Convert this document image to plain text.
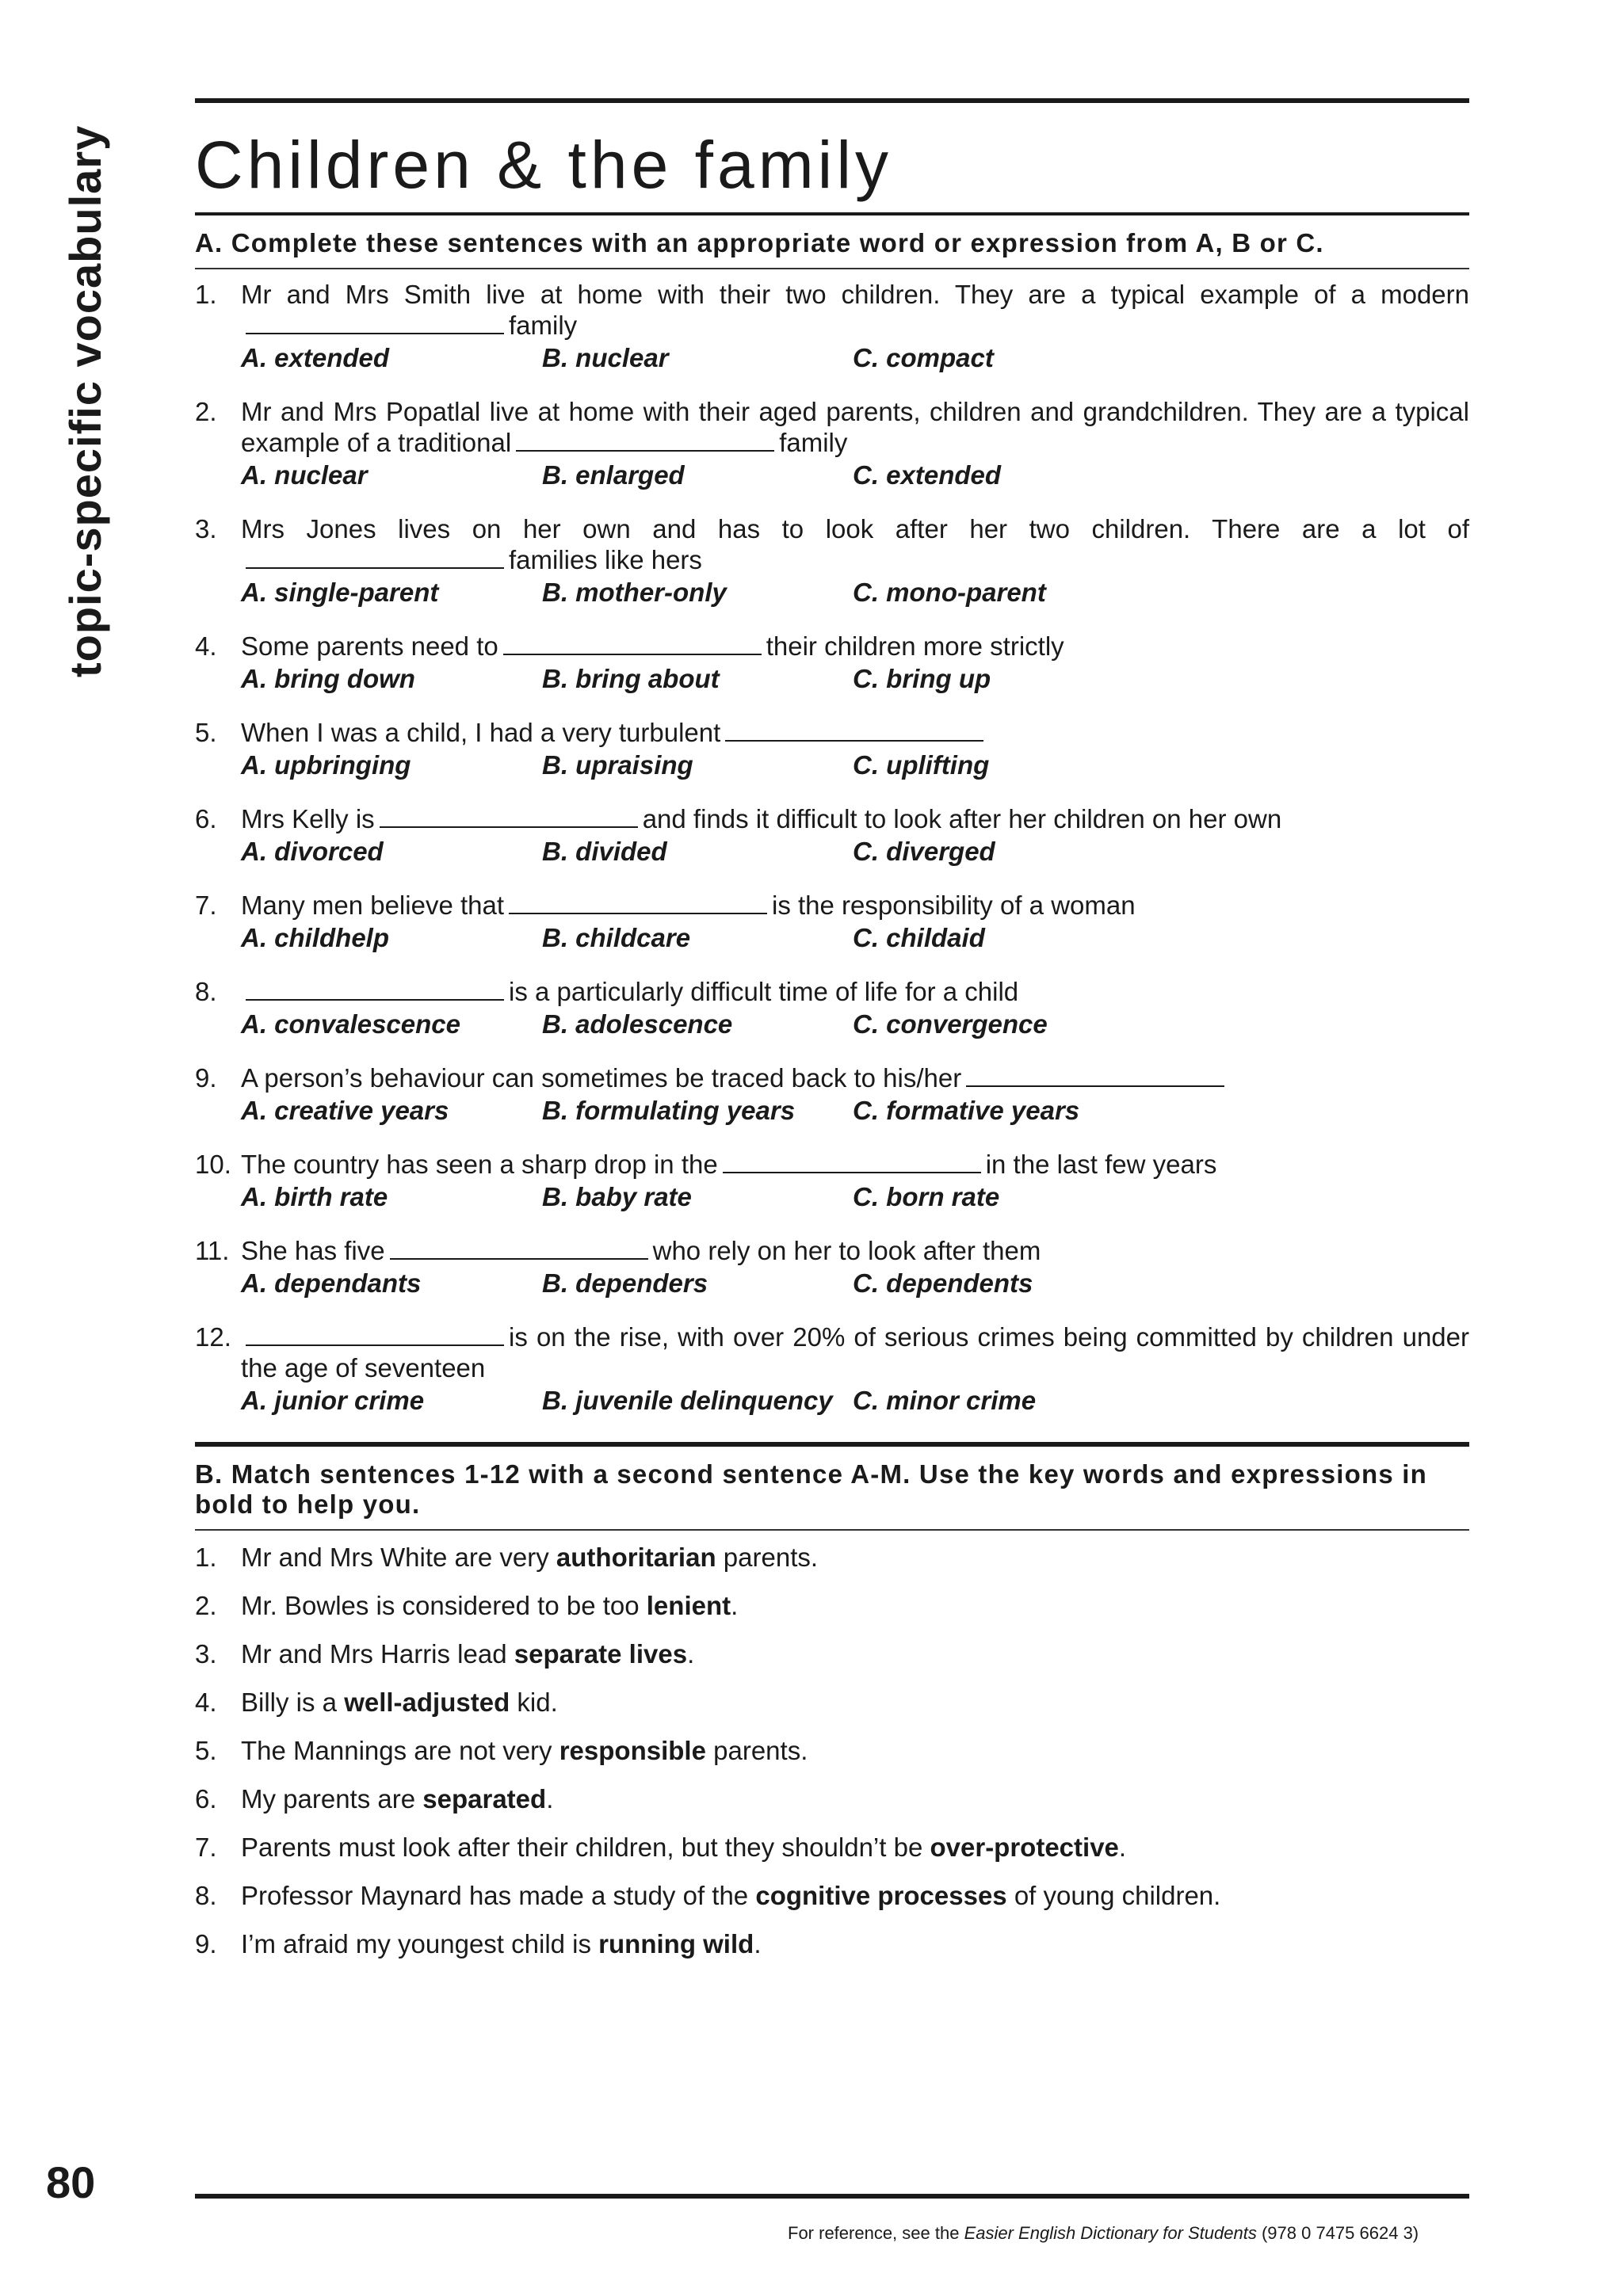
topic-specific vocabulary
80
Children & the family
A. Complete these sentences with an appropriate word or expression from A, B or C.
1. Mr and Mrs Smith live at home with their two children. They are a typical example of a modernfamily
A. extended	B. nuclear	C. compact
2. Mr and Mrs Popatlal live at home with their aged parents, children and grandchildren. They are a typical example of a traditional	family
A. nuclear	B. enlarged	C. extended
3. Mrs Jones lives on her own and has to look after her two children. There are a lot offamilies like hers
A. single-parent	B. mother-only	C. mono-parent
4. Some parents need to	their children more strictly
A. bring down	B. bring about	C. bring up
5. When I was a child, I had a very turbulent
A. upbringing	B. upraising	C. uplifting
6. Mrs Kelly is	and finds it difficult to look after her children on her own
A. divorced	B. divided	C. diverged
7. Many men believe that	is the responsibility of a woman
A. childhelp	B. childcare	C. childaid
8.	is a particularly difficult time of life for a child
A. convalescence	B. adolescence	C. convergence
9. A person’s behaviour can sometimes be traced back to his/her
A. creative years	B. formulating years	C. formative years
10. The country has seen a sharp drop in the	in the last few years
A. birth rate	B. baby rate	C. born rate
11. She has five	who rely on her to look after them
A. dependants	B. dependers	C. dependents
12.	is on the rise, with over 20% of serious crimes being committed by children under the age of seventeen
A. junior crime	B. juvenile delinquency C. minor crime
B. Match sentences 1-12 with a second sentence A-M. Use the key words and expressions in bold to help you.
1. Mr and Mrs White are very authoritarian parents.
2. Mr. Bowles is considered to be too lenient.
3. Mr and Mrs Harris lead separate lives.
4. Billy is a well-adjusted kid.
5. The Mannings are not very responsible parents.
6. My parents are separated.
7. Parents must look after their children, but they shouldn’t be over-protective.
8. Professor Maynard has made a study of the cognitive processes of young children.
9. I’m afraid my youngest child is running wild.
For reference, see the Easier English Dictionary for Students (978 0 7475 6624 3)
